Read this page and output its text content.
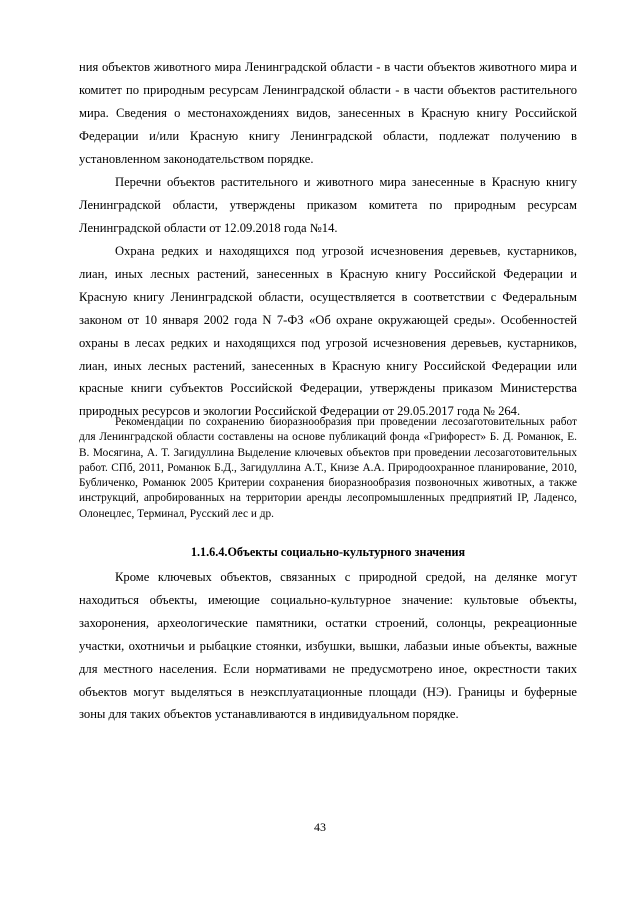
ния объектов животного мира Ленинградской области - в части объектов животного мира и комитет по природным ресурсам Ленинградской области - в части объектов растительного мира. Сведения о местонахождениях видов, занесенных в Красную книгу Российской Федерации и/или Красную книгу Ленинградской области, подлежат получению в установленном законодательством порядке.

Перечни объектов растительного и животного мира занесенные в Красную книгу Ленинградской области, утверждены приказом комитета по природным ресурсам Ленинградской области от 12.09.2018 года №14.

Охрана редких и находящихся под угрозой исчезновения деревьев, кустарников, лиан, иных лесных растений, занесенных в Красную книгу Российской Федерации и Красную книгу Ленинградской области, осуществляется в соответствии с Федеральным законом от 10 января 2002 года N 7-ФЗ «Об охране окружающей среды». Особенностей охраны в лесах редких и находящихся под угрозой исчезновения деревьев, кустарников, лиан, иных лесных растений, занесенных в Красную книгу Российской Федерации или красные книги субъектов Российской Федерации, утверждены приказом Министерства природных ресурсов и экологии Российской Федерации от 29.05.2017 года № 264.

Рекомендации по сохранению биоразнообразия при проведении лесозаготовительных работ для Ленинградской области составлены на основе публикаций фонда «Грифорест» Б. Д. Романюк, Е. В. Мосягина, А. Т. Загидуллина Выделение ключевых объектов при проведении лесозаготовительных работ. СПб, 2011, Романюк Б.Д., Загидуллина А.Т., Книзе А.А. Природоохранное планирование, 2010, Бубличенко, Романюк 2005 Критерии сохранения биоразнообразия позвоночных животных, а также инструкций, апробированных на территории аренды лесопромышленных предприятий IP, Ладенсо, Олонецлес, Терминал, Русский лес и др.

1.1.6.4.Объекты социально-культурного значения

Кроме ключевых объектов, связанных с природной средой, на делянке могут находиться объекты, имеющие социально-культурное значение: культовые объекты, захоронения, археологические памятники, остатки строений, солонцы, рекреационные участки, охотничьи и рыбацкие стоянки, избушки, вышки, лабазыи иные объекты, важные для местного населения. Если нормативами не предусмотрено иное, окрестности таких объектов могут выделяться в неэксплуатационные площади (НЭ). Границы и буферные зоны для таких объектов устанавливаются в индивидуальном порядке.

43
